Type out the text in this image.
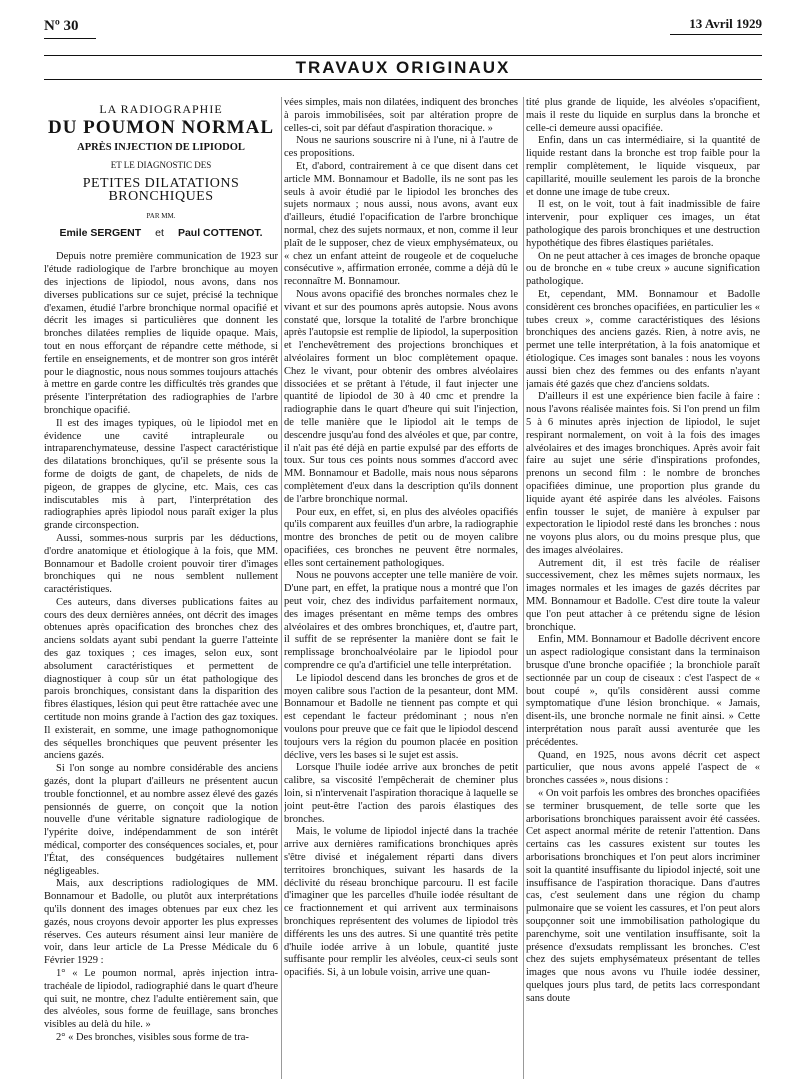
Nº 30	13 Avril 1929
TRAVAUX ORIGINAUX
LA RADIOGRAPHIE
DU POUMON NORMAL
APRÈS INJECTION DE LIPIODOL
ET LE DIAGNOSTIC DES
PETITES DILATATIONS BRONCHIQUES
PAR MM.
Emile SERGENT et Paul COTTENOT.

Depuis notre première communication de 1923 sur l'étude radiologique de l'arbre bronchique au moyen des injections de lipiodol, nous avons, dans nos diverses publications sur ce sujet, précisé la technique d'examen, étudié l'arbre bronchique normal opacifié et décrit les images si particulières que donnent les bronches dilatées remplies de liquide opaque. Mais, tout en nous efforçant de répandre cette méthode, si fertile en enseignements, et de montrer son gros intérêt pour le diagnostic, nous nous sommes toujours attachés à mettre en garde contre les difficultés très grandes que présente l'interprétation des radiographies de l'arbre bronchique opacifié.

Il est des images typiques, où le lipiodol met en évidence une cavité intrapleurale ou intraparenchymateuse, dessine l'aspect caractéristique des dilatations bronchiques, qu'il se présente sous la forme de doigts de gant, de chapelets, de nids de pigeon, de grappes de glycine, etc. Mais, ces cas indiscutables mis à part, l'interprétation des radiographies après lipiodol nous paraît exiger la plus grande circonspection.

Aussi, sommes-nous surpris par les déductions, d'ordre anatomique et étiologique à la fois, que MM. Bonnamour et Badolle croient pouvoir tirer d'images bronchiques qui ne nous semblent nullement caractéristiques.

Ces auteurs, dans diverses publications faites au cours des deux dernières années, ont décrit des images obtenues après opacification des bronches chez des anciens soldats ayant subi pendant la guerre l'atteinte des gaz toxiques ; ces images, selon eux, sont absolument caractéristiques et permettent de diagnostiquer à coup sûr un état pathologique des parois bronchiques, consistant dans la disparition des fibres élastiques, lésion qui peut être rattachée avec une certitude non moins grande à l'action des gaz toxiques. Il existerait, en somme, une image pathognomonique des séquelles bronchiques que peuvent présenter les anciens gazés.

Si l'on songe au nombre considérable des anciens gazés, dont la plupart d'ailleurs ne présentent aucun trouble fonctionnel, et au nombre assez élevé des gazés pensionnés de guerre, on conçoit que la notion nouvelle d'une véritable signature radiologique de l'ypérite doive, indépendamment de son intérêt médical, comporter des conséquences sociales, et, pour l'État, des conséquences budgétaires nullement négligeables.

Mais, aux descriptions radiologiques de MM. Bonnamour et Badolle, ou plutôt aux interprétations qu'ils donnent des images obtenues par eux chez les gazés, nous croyons devoir apporter les plus expresses réserves. Ces auteurs résument ainsi leur manière de voir, dans leur article de La Presse Médicale du 6 Février 1929 :

1° « Le poumon normal, après injection intra-trachéale de lipiodol, radiographié dans le quart d'heure qui suit, ne montre, chez l'adulte entièrement sain, que des alvéoles, sous forme de feuillage, sans bronches visibles au delà du hile. »

2° « Des bronches, visibles sous forme de tra-

vées simples, mais non dilatées, indiquent des bronches à parois immobilisées, soit par altération propre de celles-ci, soit par défaut d'aspiration thoracique. »

Nous ne saurions souscrire ni à l'une, ni à l'autre de ces propositions.

Et, d'abord, contrairement à ce que disent dans cet article MM. Bonnamour et Badolle, ils ne sont pas les seuls à avoir étudié par le lipiodol les bronches des sujets normaux ; nous aussi, nous avons, avant eux d'ailleurs, étudié l'opacification de l'arbre bronchique normal, chez des sujets normaux, et non, comme il leur plaît de le supposer, chez de vieux emphysémateux, ou « chez un enfant atteint de rougeole et de coqueluche consécutive », affirmation erronée, comme a déjà dû le reconnaître M. Bonnamour.

Nous avons opacifié des bronches normales chez le vivant et sur des poumons après autopsie. Nous avons constaté que, lorsque la totalité de l'arbre bronchique après l'autopsie est remplie de lipiodol, la superposition et l'enchevêtrement des projections bronchiques et alvéolaires forment un bloc complètement opaque. Chez le vivant, pour obtenir des ombres alvéolaires dissociées et se prêtant à l'étude, il faut injecter une quantité de lipiodol de 30 à 40 cmc et prendre la radiographie dans le quart d'heure qui suit l'injection, de telle manière que le lipiodol ait le temps de descendre jusqu'au fond des alvéoles et que, par contre, il n'ait pas été déjà en partie expulsé par des efforts de toux. Sur tous ces points nous sommes d'accord avec MM. Bonnamour et Badolle, mais nous nous séparons complètement d'eux dans la description qu'ils donnent de l'arbre bronchique normal.

Pour eux, en effet, si, en plus des alvéoles opacifiés qu'ils comparent aux feuilles d'un arbre, la radiographie montre des bronches de petit ou de moyen calibre opacifiées, ces bronches ne peuvent être normales, elles sont certainement pathologiques.

Nous ne pouvons accepter une telle manière de voir. D'une part, en effet, la pratique nous a montré que l'on peut voir, chez des individus parfaitement normaux, des images présentant en même temps des ombres alvéolaires et des ombres bronchiques, et, d'autre part, il suffit de se représenter la manière dont se fait le remplissage bronchoalvéolaire par le lipiodol pour comprendre ce qu'a d'artificiel une telle interprétation.

Le lipiodol descend dans les bronches de gros et de moyen calibre sous l'action de la pesanteur, dont MM. Bonnamour et Badolle ne tiennent pas compte et qui est cependant le facteur prédominant ; nous n'en voulons pour preuve que ce fait que le lipiodol descend toujours vers la région du poumon placée en position déclive, vers les bases si le sujet est assis.

Lorsque l'huile iodée arrive aux bronches de petit calibre, sa viscosité l'empêcherait de cheminer plus loin, si n'intervenait l'aspiration thoracique à laquelle se joint peut-être l'action des parois élastiques des bronches.

Mais, le volume de lipiodol injecté dans la trachée arrive aux dernières ramifications bronchiques après s'être divisé et inégalement réparti dans divers territoires bronchiques, suivant les hasards de la déclivité du réseau bronchique parcouru. Il est facile d'imaginer que les parcelles d'huile iodée résultant de ce fractionnement et qui arrivent aux terminaisons bronchiques représentent des volumes de lipiodol très différents les uns des autres. Si une quantité très petite d'huile iodée arrive à un lobule, quantité juste suffisante pour remplir les alvéoles, ceux-ci seuls sont opacifiés. Si, à un lobule voisin, arrive une quan-

tité plus grande de liquide, les alvéoles s'opacifient, mais il reste du liquide en surplus dans la bronche et celle-ci demeure aussi opacifiée.

Enfin, dans un cas intermédiaire, si la quantité de liquide restant dans la bronche est trop faible pour la remplir complètement, le liquide visqueux, par capillarité, mouille seulement les parois de la bronche et donne une image de tube creux.

Il est, on le voit, tout à fait inadmissible de faire intervenir, pour expliquer ces images, un état pathologique des parois bronchiques et une destruction hypothétique des fibres élastiques pariétales.

On ne peut attacher à ces images de bronche opaque ou de bronche en « tube creux » aucune signification pathologique.

Et, cependant, MM. Bonnamour et Badolle considèrent ces bronches opacifiées, en particulier les « tubes creux », comme caractéristiques des lésions bronchiques des anciens gazés. Rien, à notre avis, ne permet une telle interprétation, à la fois anatomique et étiologique. Ces images sont banales : nous les voyons aussi bien chez des femmes ou des enfants n'ayant jamais été gazés que chez d'anciens soldats.

D'ailleurs il est une expérience bien facile à faire : nous l'avons réalisée maintes fois. Si l'on prend un film 5 à 6 minutes après injection de lipiodol, le sujet respirant normalement, on voit à la fois des images alvéolaires et des images bronchiques. Après avoir fait faire au sujet une série d'inspirations profondes, prenons un second film : le nombre de bronches opacifiées diminue, une proportion plus grande du liquide ayant été aspirée dans les alvéoles. Faisons enfin tousser le sujet, de manière à expulser par expectoration le lipiodol resté dans les bronches : nous ne voyons plus alors, ou du moins presque plus, que des images alvéolaires.

Autrement dit, il est très facile de réaliser successivement, chez les mêmes sujets normaux, les images normales et les images de gazés décrites par MM. Bonnamour et Badolle. C'est dire toute la valeur que l'on peut attacher à ce prétendu signe de lésion bronchique.

Enfin, MM. Bonnamour et Badolle décrivent encore un aspect radiologique consistant dans la terminaison brusque d'une bronche opacifiée ; la bronchiole paraît sectionnée par un coup de ciseaux : c'est l'aspect de « bout coupé », qu'ils considèrent aussi comme symptomatique d'une lésion bronchique. « Jamais, disent-ils, une bronche normale ne finit ainsi. » Cette interprétation nous paraît aussi aventurée que les précédentes.

Quand, en 1925, nous avons décrit cet aspect particulier, que nous avons appelé l'aspect de « bronches cassées », nous disions :

« On voit parfois les ombres des bronches opacifiées se terminer brusquement, de telle sorte que les arborisations bronchiques paraissent avoir été cassées. Cet aspect anormal mérite de retenir l'attention. Dans certains cas les cassures existent sur toutes les arborisations bronchiques et l'on peut alors incriminer soit la quantité insuffisante du lipiodol injecté, soit une insuffisance de l'aspiration thoracique. Dans d'autres cas, c'est seulement dans une région du champ pulmonaire que se voient les cassures, et l'on peut alors soupçonner soit une immobilisation pathologique du parenchyme, soit une ventilation insuffisante, soit la présence d'exsudats remplissant les bronches. C'est chez des sujets emphysémateux présentant de telles images que nous avons vu l'huile iodée dessiner, quelques jours plus tard, de petits lacs correspondant sans doute
